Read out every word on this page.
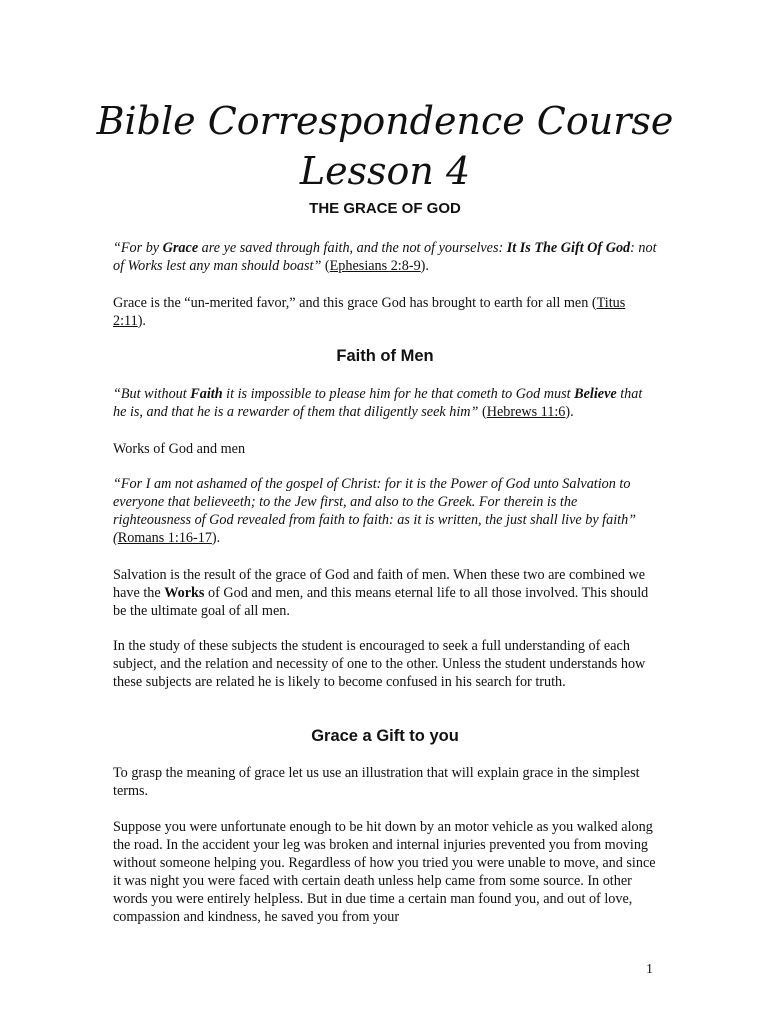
Bible Correspondence Course
Lesson 4
THE GRACE OF GOD
“For by Grace are ye saved through faith, and the not of yourselves: It Is The Gift Of God: not of Works lest any man should boast” (Ephesians 2:8-9).
Grace is the “un-merited favor,” and this grace God has brought to earth for all men (Titus 2:11).
Faith of Men
“But without Faith it is impossible to please him for he that cometh to God must Believe that he is, and that he is a rewarder of them that diligently seek him” (Hebrews 11:6).
Works of God and men
“For I am not ashamed of the gospel of Christ: for it is the Power of God unto Salvation to everyone that believeeth; to the Jew first, and also to the Greek. For therein is the righteousness of God revealed from faith to faith: as it is written, the just shall live by faith” (Romans 1:16-17).
Salvation is the result of the grace of God and faith of men. When these two are combined we have the Works of God and men, and this means eternal life to all those involved. This should be the ultimate goal of all men.
In the study of these subjects the student is encouraged to seek a full understanding of each subject, and the relation and necessity of one to the other. Unless the student understands how these subjects are related he is likely to become confused in his search for truth.
Grace a Gift to you
To grasp the meaning of grace let us use an illustration that will explain grace in the simplest terms.
Suppose you were unfortunate enough to be hit down by an motor vehicle as you walked along the road. In the accident your leg was broken and internal injuries prevented you from moving without someone helping you. Regardless of how you tried you were unable to move, and since it was night you were faced with certain death unless help came from some source. In other words you were entirely helpless. But in due time a certain man found you, and out of love, compassion and kindness, he saved you from your
1
